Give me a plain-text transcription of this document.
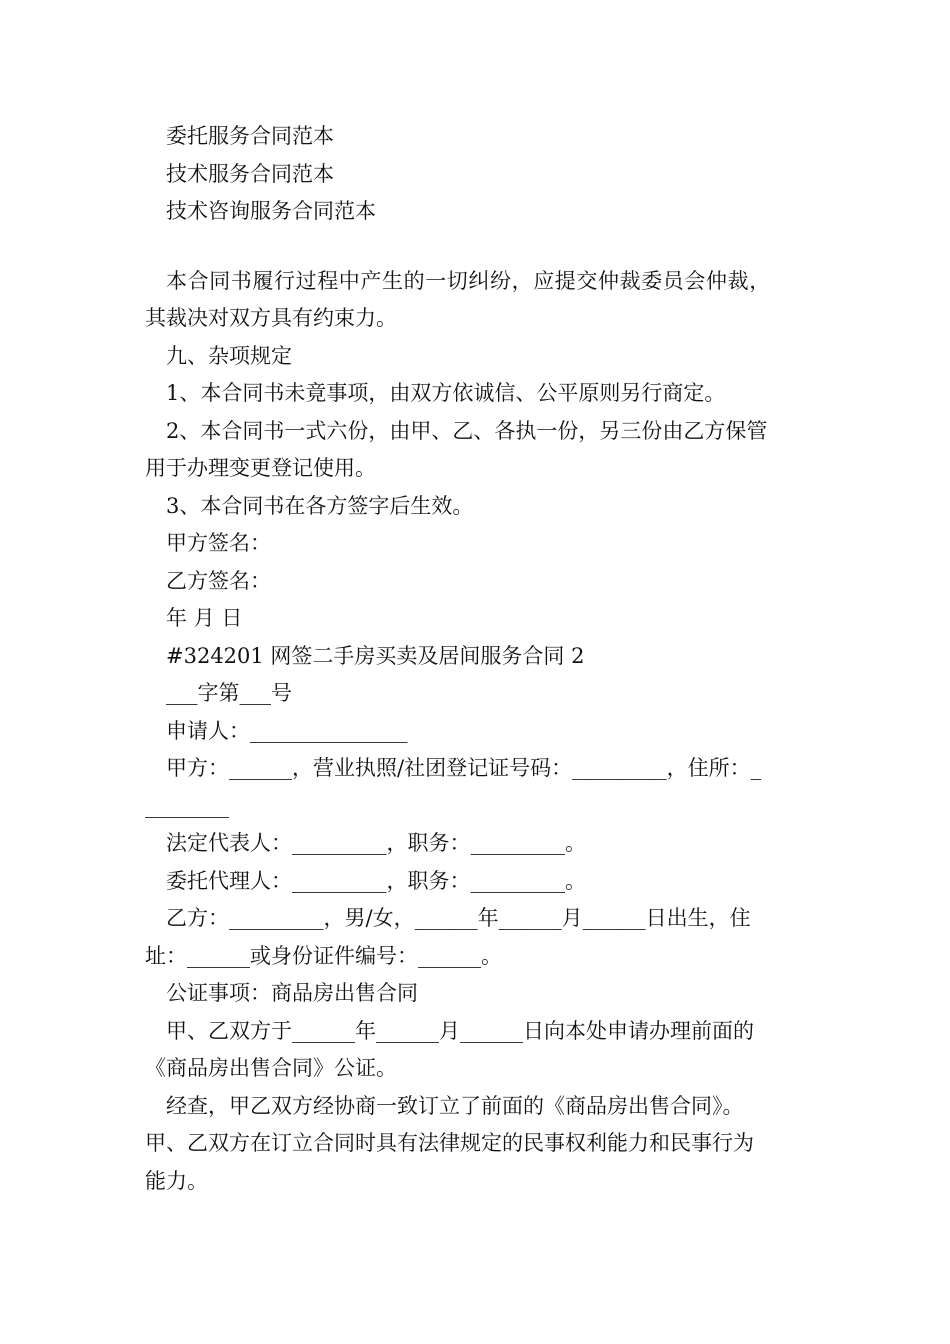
委托服务合同范本
技术服务合同范本
技术咨询服务合同范本
本合同书履行过程中产生的一切纠纷，应提交仲裁委员会仲裁，
其裁决对双方具有约束力。
九、杂项规定
1、本合同书未竟事项，由双方依诚信、公平原则另行商定。
2、本合同书一式六份，由甲、乙、各执一份，另三份由乙方保管
用于办理变更登记使用。
3、本合同书在各方签字后生效。
甲方签名：
乙方签名：
年 月 日
#324201 网签二手房买卖及居间服务合同 2
___字第___号
申请人：_______________
甲方：______，营业执照/社团登记证号码：_________，住所：_
________
法定代表人：_________，职务：_________。
委托代理人：_________，职务：_________。
乙方：_________，男/女，______年______月______日出生，住
址：______或身份证件编号：______。
公证事项：商品房出售合同
甲、乙双方于______年______月______日向本处申请办理前面的
《商品房出售合同》公证。
经查，甲乙双方经协商一致订立了前面的《商品房出售合同》。
甲、乙双方在订立合同时具有法律规定的民事权利能力和民事行为
能力。
